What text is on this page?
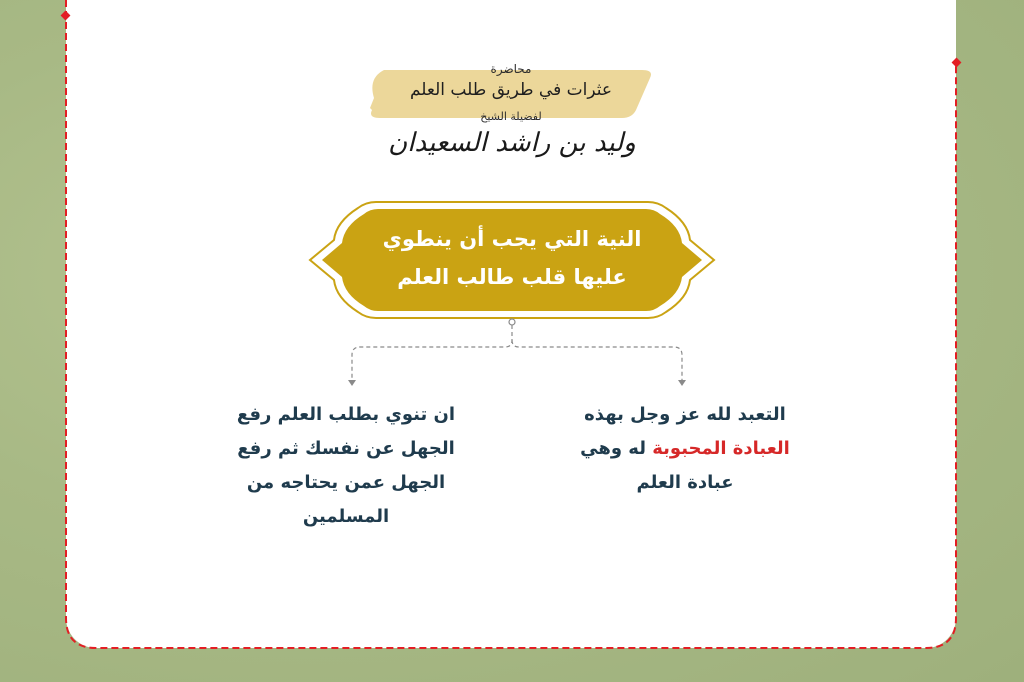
محاضرة
عثرات في طريق طلب العلم
لفضيلة الشيخ
وليد بن راشد السعيدان
النية التي يجب أن ينطوي
عليها قلب طالب العلم
التعبد لله عز وجل بهذه
العبادة المحبوبة له وهي
عبادة العلم
ان تنوي بطلب العلم رفع
الجهل عن نفسك ثم رفع
الجهل عمن يحتاجه من
المسلمين
